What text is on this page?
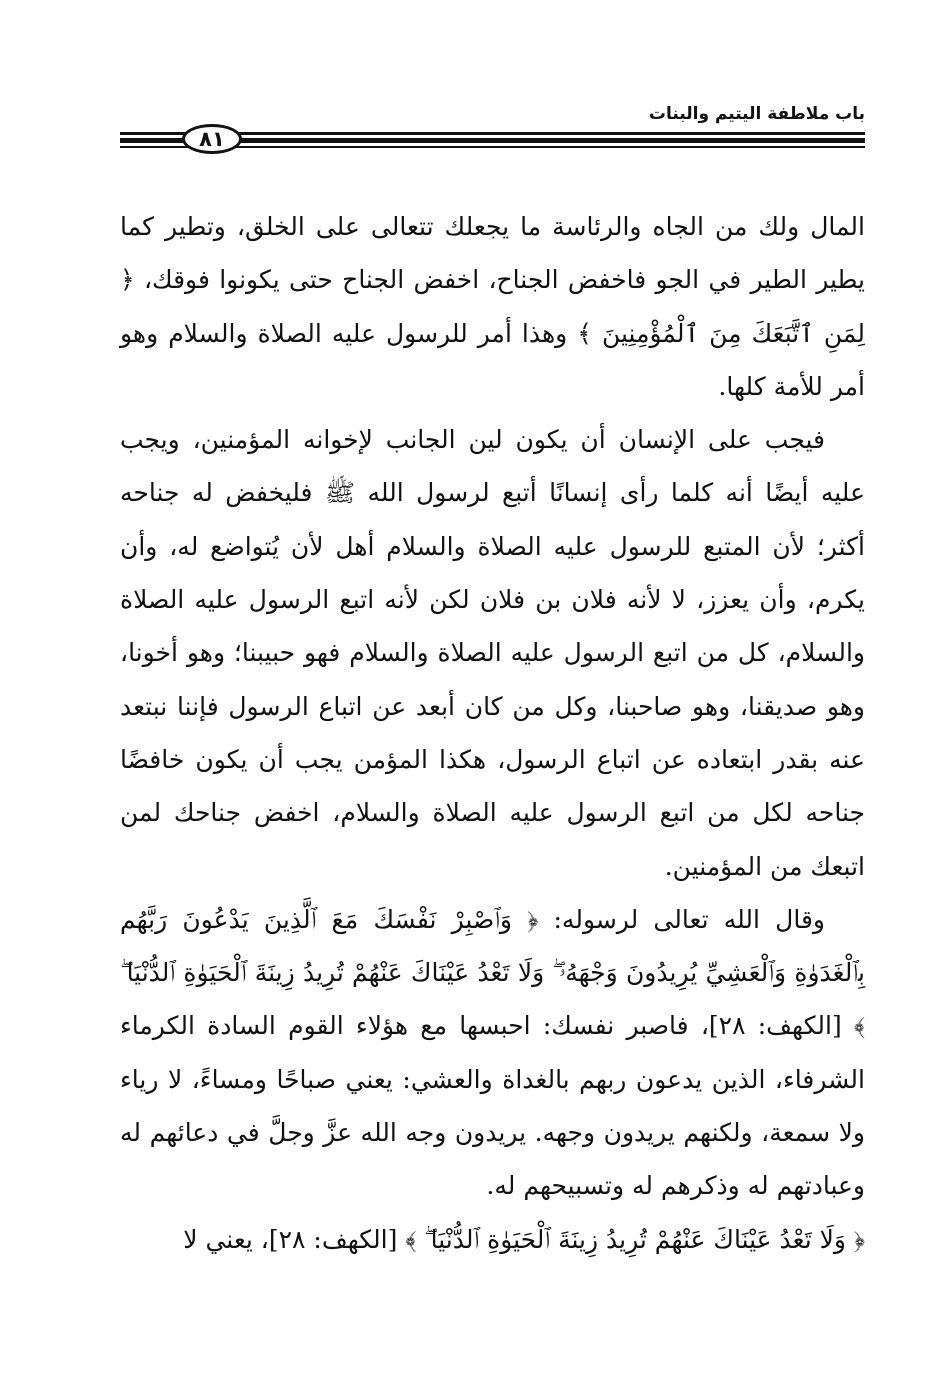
باب ملاطفة اليتيم والبنات
٨١

المال ولك من الجاه والرئاسة ما يجعلك تتعالى على الخلق، وتطير كما يطير الطير في الجو فاخفض الجناح، اخفض الجناح حتى يكونوا فوقك، ﴿ لِمَنِ ٱتَّبَعَكَ مِنَ ٱلْمُؤْمِنِينَ ﴾ وهذا أمر للرسول عليه الصلاة والسلام وهو أمر للأمة كلها.

فيجب على الإنسان أن يكون لين الجانب لإخوانه المؤمنين، ويجب عليه أيضًا أنه كلما رأى إنسانًا أتبع لرسول الله ﷺ فليخفض له جناحه أكثر؛ لأن المتبع للرسول عليه الصلاة والسلام أهل لأن يُتواضع له، وأن يكرم، وأن يعزز، لا لأنه فلان بن فلان لكن لأنه اتبع الرسول عليه الصلاة والسلام، كل من اتبع الرسول عليه الصلاة والسلام فهو حبيبنا؛ وهو أخونا، وهو صديقنا، وهو صاحبنا، وكل من كان أبعد عن اتباع الرسول فإننا نبتعد عنه بقدر ابتعاده عن اتباع الرسول، هكذا المؤمن يجب أن يكون خافضًا جناحه لكل من اتبع الرسول عليه الصلاة والسلام، اخفض جناحك لمن اتبعك من المؤمنين.

وقال الله تعالى لرسوله: ﴿ وَٱصْبِرْ نَفْسَكَ مَعَ ٱلَّذِينَ يَدْعُونَ رَبَّهُم بِٱلْغَدَوٰةِ وَٱلْعَشِيِّ يُرِيدُونَ وَجْهَهُۥ ۖ وَلَا تَعْدُ عَيْنَاكَ عَنْهُمْ تُرِيدُ زِينَةَ ٱلْحَيَوٰةِ ٱلدُّنْيَا ۖ ﴾ [الكهف: ٢٨]، فاصبر نفسك: احبسها مع هؤلاء القوم السادة الكرماء الشرفاء، الذين يدعون ربهم بالغداة والعشي: يعني صباحًا ومساءً، لا رياء ولا سمعة، ولكنهم يريدون وجهه. يريدون وجه الله عزَّ وجلَّ في دعائهم له وعبادتهم له وذكرهم له وتسبيحهم له.

﴿ وَلَا تَعْدُ عَيْنَاكَ عَنْهُمْ تُرِيدُ زِينَةَ ٱلْحَيَوٰةِ ٱلدُّنْيَا ۖ ﴾ [الكهف: ٢٨]، يعني لا
